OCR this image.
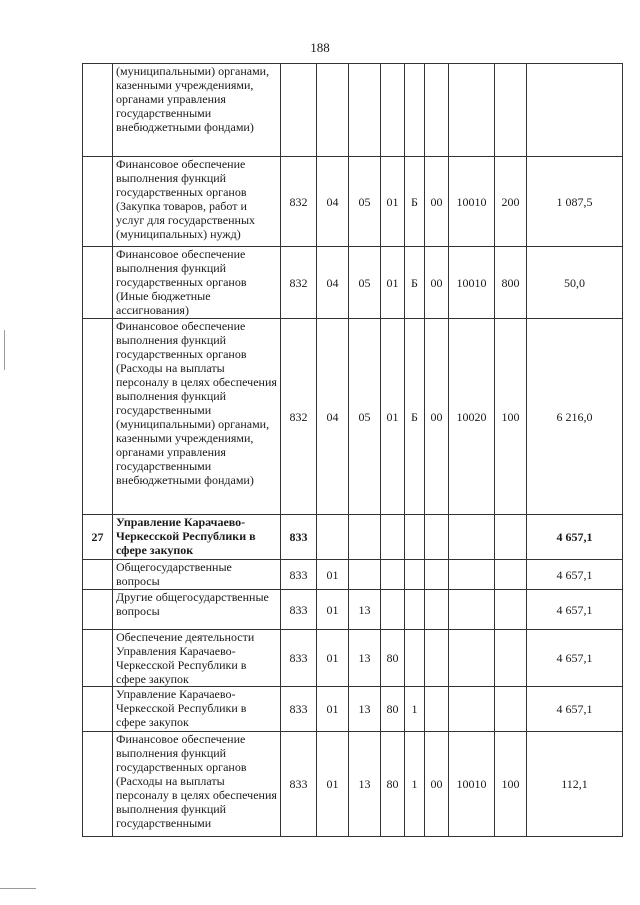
188
	(муниципальными) органами, казенными учреждениями, органами управления государственными внебюджетными фондами)									
	Финансовое обеспечение выполнения функций государственных органов (Закупка товаров, работ и услуг для государственных (муниципальных) нужд)	832	04	05	01	Б	00	10010	200	1 087,5
	Финансовое обеспечение выполнения функций государственных органов (Иные бюджетные ассигнования)	832	04	05	01	Б	00	10010	800	50,0
	Финансовое обеспечение выполнения функций государственных органов (Расходы на выплаты персоналу в целях обеспечения выполнения функций государственными (муниципальными) органами, казенными учреждениями, органами управления государственными внебюджетными фондами)	832	04	05	01	Б	00	10020	100	6 216,0
27	Управление Карачаево-Черкесской Республики в сфере закупок	833								4 657,1
	Общегосударственные вопросы	833	01							4 657,1
	Другие общегосударственные вопросы	833	01	13						4 657,1
	Обеспечение деятельности Управления Карачаево-Черкесской Республики в сфере закупок	833	01	13	80					4 657,1
	Управление Карачаево-Черкесской Республики в сфере закупок	833	01	13	80	1				4 657,1
	Финансовое обеспечение выполнения функций государственных органов (Расходы на выплаты персоналу в целях обеспечения выполнения функций государственными	833	01	13	80	1	00	10010	100	112,1
